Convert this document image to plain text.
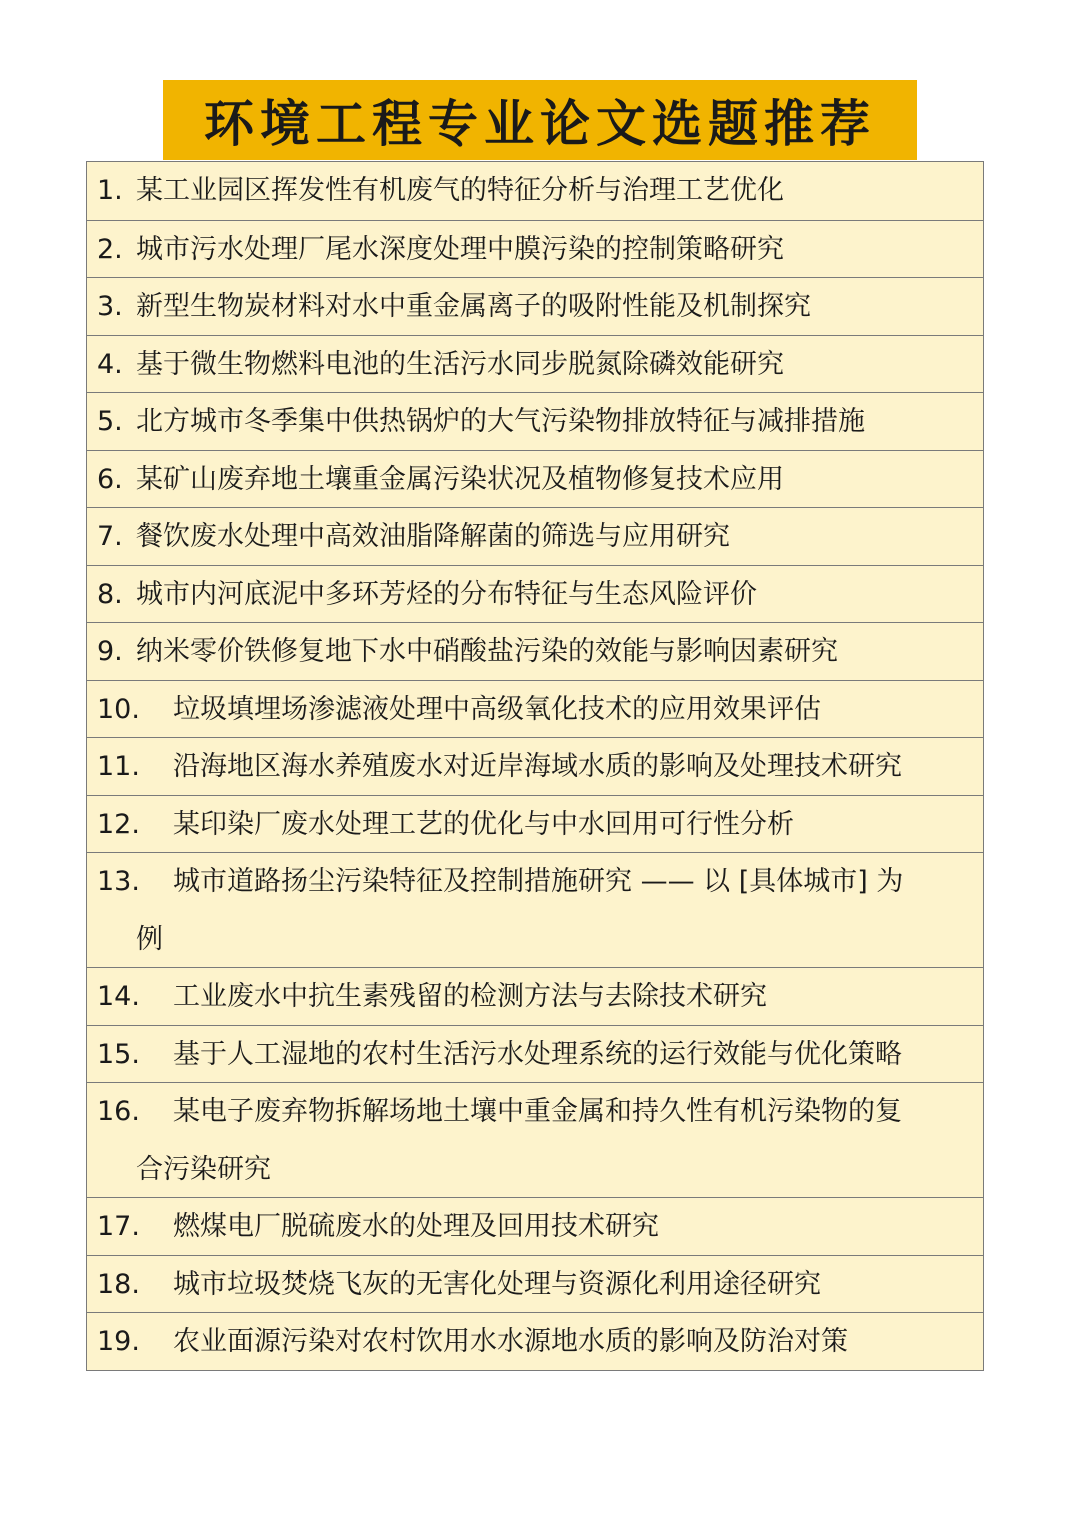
环境工程专业论文选题推荐
1. 某工业园区挥发性有机废气的特征分析与治理工艺优化
2. 城市污水处理厂尾水深度处理中膜污染的控制策略研究
3. 新型生物炭材料对水中重金属离子的吸附性能及机制探究
4. 基于微生物燃料电池的生活污水同步脱氮除磷效能研究
5. 北方城市冬季集中供热锅炉的大气污染物排放特征与减排措施
6. 某矿山废弃地土壤重金属污染状况及植物修复技术应用
7. 餐饮废水处理中高效油脂降解菌的筛选与应用研究
8. 城市内河底泥中多环芳烃的分布特征与生态风险评价
9. 纳米零价铁修复地下水中硝酸盐污染的效能与影响因素研究
10. 垃圾填埋场渗滤液处理中高级氧化技术的应用效果评估
11. 沿海地区海水养殖废水对近岸海域水质的影响及处理技术研究
12. 某印染厂废水处理工艺的优化与中水回用可行性分析
13. 城市道路扬尘污染特征及控制措施研究 —— 以 [具体城市] 为
例
14. 工业废水中抗生素残留的检测方法与去除技术研究
15. 基于人工湿地的农村生活污水处理系统的运行效能与优化策略
16. 某电子废弃物拆解场地土壤中重金属和持久性有机污染物的复
合污染研究
17. 燃煤电厂脱硫废水的处理及回用技术研究
18. 城市垃圾焚烧飞灰的无害化处理与资源化利用途径研究
19. 农业面源污染对农村饮用水水源地水质的影响及防治对策
